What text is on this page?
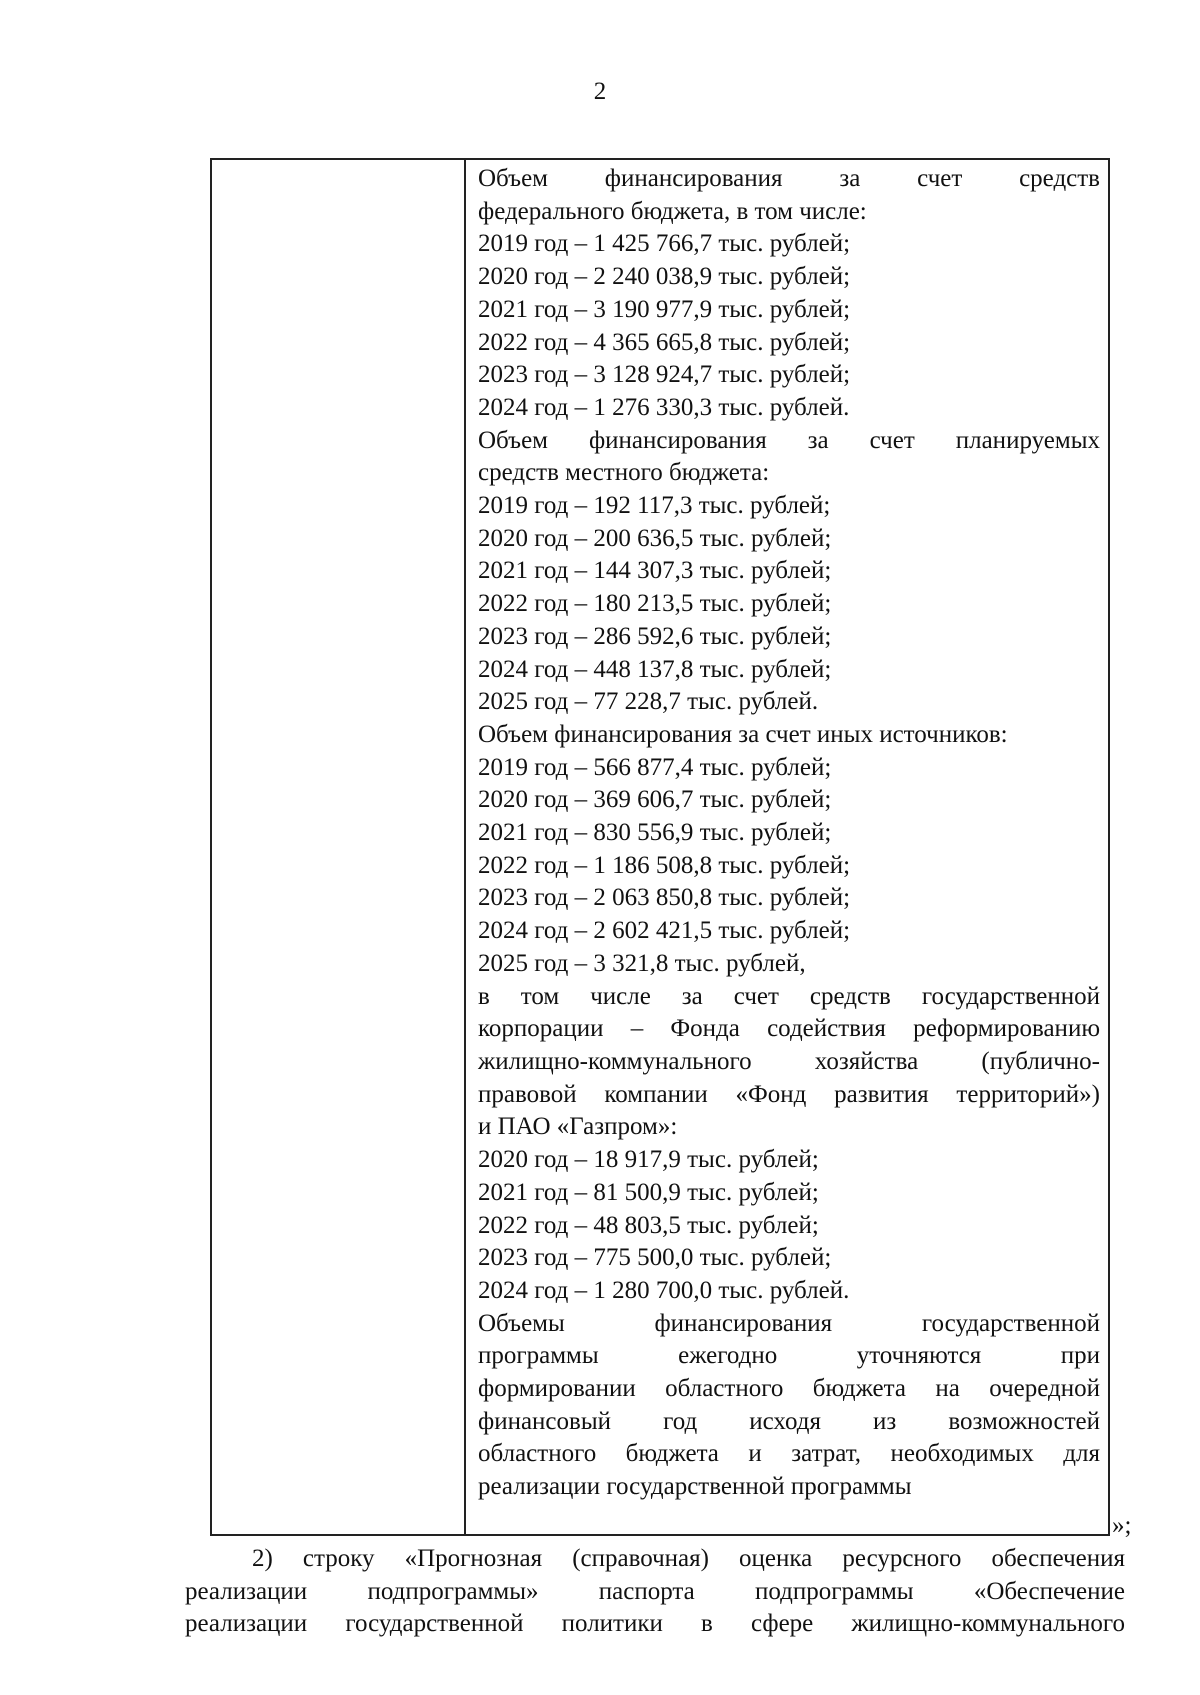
2

Объем финансирования за счет средств

федерального бюджета, в том числе:

2019 год – 1 425 766,7 тыс. рублей;

2020 год – 2 240 038,9 тыс. рублей;

2021 год – 3 190 977,9 тыс. рублей;

2022 год – 4 365 665,8 тыс. рублей;

2023 год – 3 128 924,7 тыс. рублей;

2024 год – 1 276 330,3 тыс. рублей.

Объем финансирования за счет планируемых

средств местного бюджета:

2019 год – 192 117,3 тыс. рублей;

2020 год – 200 636,5 тыс. рублей;

2021 год – 144 307,3 тыс. рублей;

2022 год – 180 213,5 тыс. рублей;

2023 год – 286 592,6 тыс. рублей;

2024 год – 448 137,8 тыс. рублей;

2025 год – 77 228,7 тыс. рублей.

Объем финансирования за счет иных источников:

2019 год – 566 877,4 тыс. рублей;

2020 год – 369 606,7 тыс. рублей;

2021 год – 830 556,9 тыс. рублей;

2022 год – 1 186 508,8 тыс. рублей;

2023 год – 2 063 850,8 тыс. рублей;

2024 год – 2 602 421,5 тыс. рублей;

2025 год – 3 321,8 тыс. рублей,

в том числе за счет средств государственной

корпорации – Фонда содействия реформированию

жилищно-коммунального хозяйства (публично-

правовой компании «Фонд развития территорий»)

и ПАО «Газпром»:

2020 год – 18 917,9 тыс. рублей;

2021 год – 81 500,9 тыс. рублей;

2022 год – 48 803,5 тыс. рублей;

2023 год – 775 500,0 тыс. рублей;

2024 год – 1 280 700,0 тыс. рублей.

Объемы финансирования государственной

программы ежегодно уточняются при

формировании областного бюджета на очередной

финансовый год исходя из возможностей

областного бюджета и затрат, необходимых для

реализации государственной программы

»;

2) строку «Прогнозная (справочная) оценка ресурсного обеспечения

реализации подпрограммы» паспорта подпрограммы «Обеспечение

реализации государственной политики в сфере жилищно-коммунального
